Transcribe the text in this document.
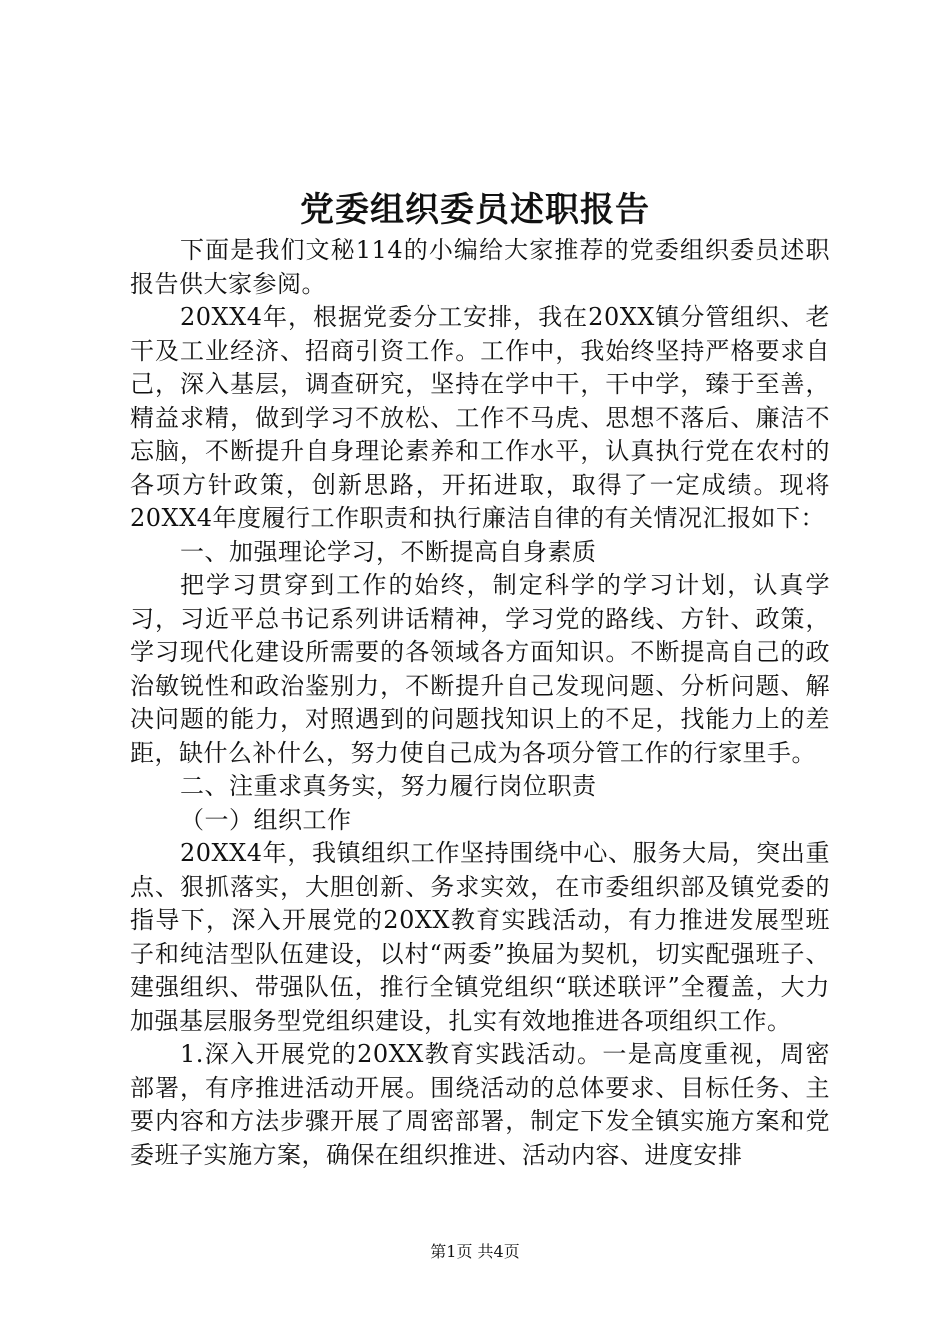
党委组织委员述职报告

下面是我们文秘114的小编给大家推荐的党委组织委员述职报告供大家参阅。

20XX4年，根据党委分工安排，我在20XX镇分管组织、老干及工业经济、招商引资工作。工作中，我始终坚持严格要求自己，深入基层，调查研究，坚持在学中干，干中学，臻于至善，精益求精，做到学习不放松、工作不马虎、思想不落后、廉洁不忘脑，不断提升自身理论素养和工作水平，认真执行党在农村的各项方针政策，创新思路，开拓进取，取得了一定成绩。现将20XX4年度履行工作职责和执行廉洁自律的有关情况汇报如下：

一、加强理论学习，不断提高自身素质

把学习贯穿到工作的始终，制定科学的学习计划，认真学习，习近平总书记系列讲话精神，学习党的路线、方针、政策，学习现代化建设所需要的各领域各方面知识。不断提高自己的政治敏锐性和政治鉴别力，不断提升自己发现问题、分析问题、解决问题的能力，对照遇到的问题找知识上的不足，找能力上的差距，缺什么补什么，努力使自己成为各项分管工作的行家里手。

二、注重求真务实，努力履行岗位职责

（一）组织工作

20XX4年，我镇组织工作坚持围绕中心、服务大局，突出重点、狠抓落实，大胆创新、务求实效，在市委组织部及镇党委的指导下，深入开展党的20XX教育实践活动，有力推进发展型班子和纯洁型队伍建设，以村“两委”换届为契机，切实配强班子、建强组织、带强队伍，推行全镇党组织“联述联评”全覆盖，大力加强基层服务型党组织建设，扎实有效地推进各项组织工作。

1.深入开展党的20XX教育实践活动。一是高度重视，周密部署，有序推进活动开展。围绕活动的总体要求、目标任务、主要内容和方法步骤开展了周密部署，制定下发全镇实施方案和党委班子实施方案，确保在组织推进、活动内容、进度安排

第1页 共4页
